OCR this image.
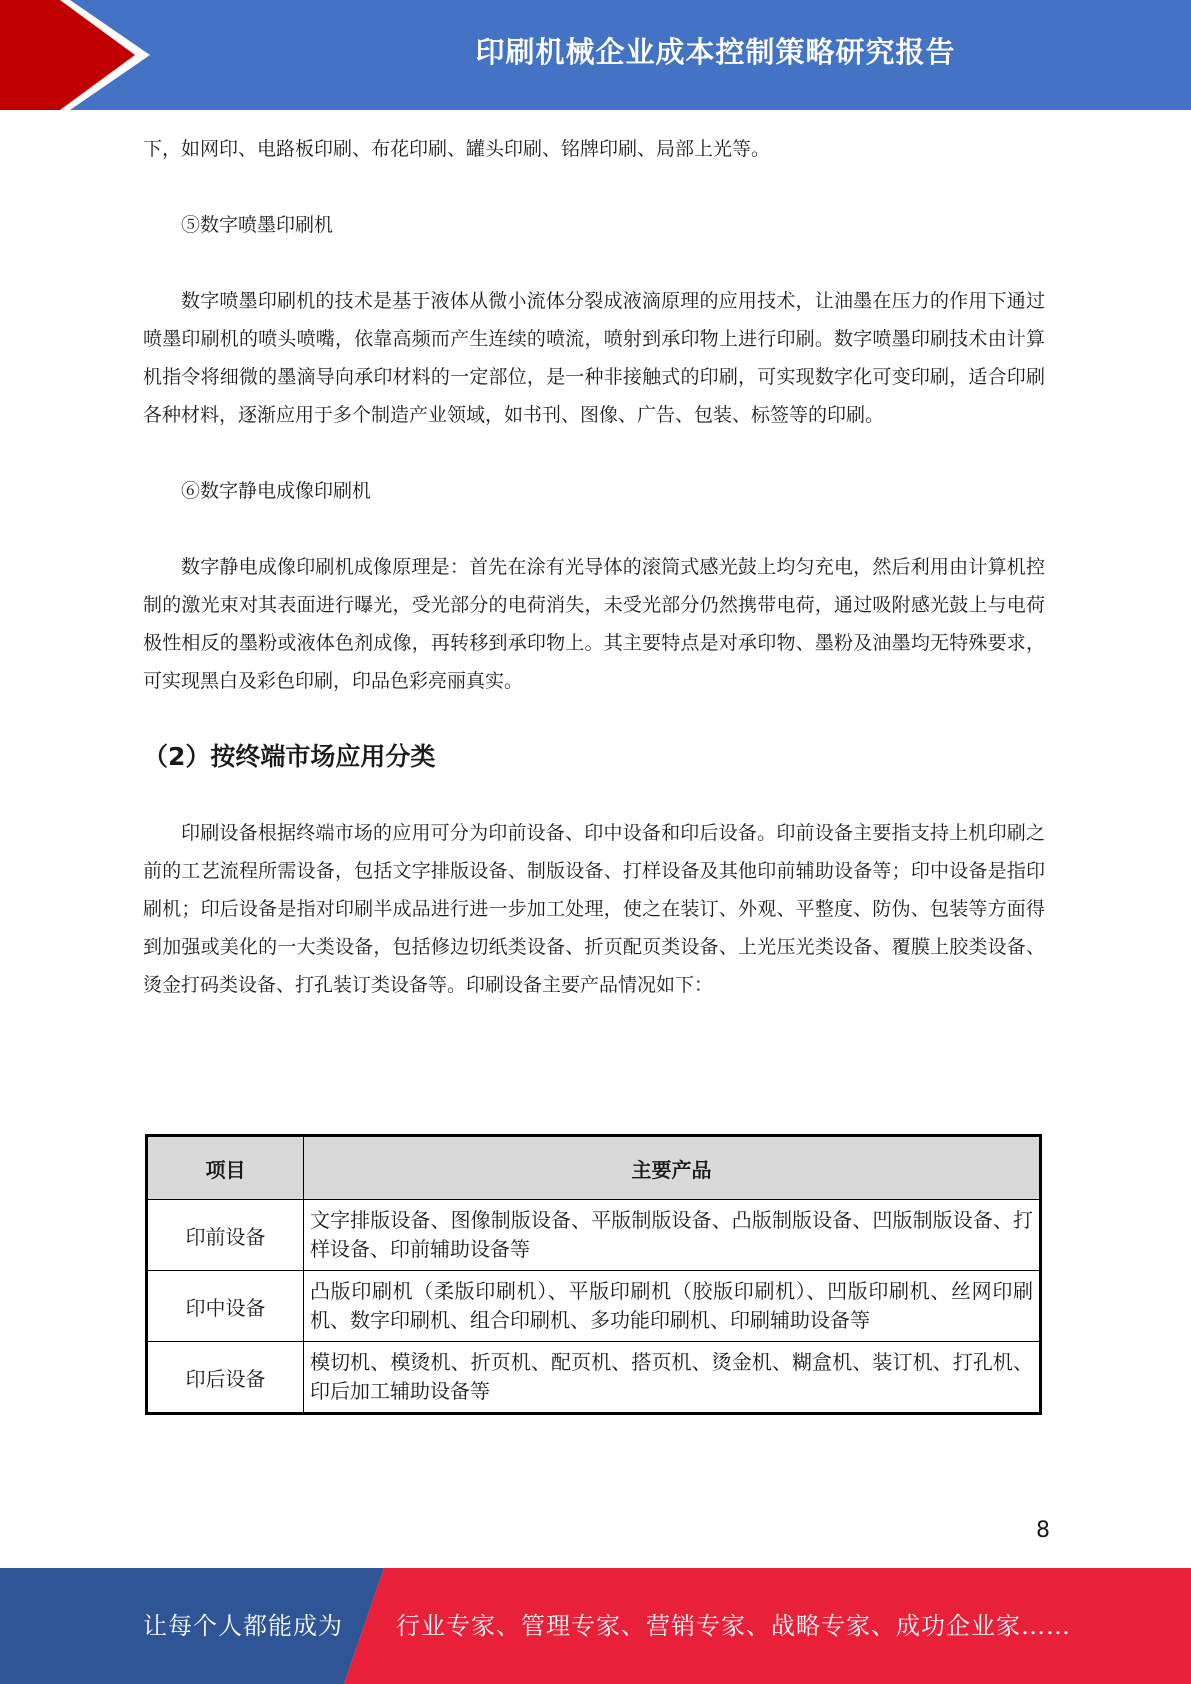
印刷机械企业成本控制策略研究报告

下，如网印、电路板印刷、布花印刷、罐头印刷、铭牌印刷、局部上光等。

⑤数字喷墨印刷机

数字喷墨印刷机的技术是基于液体从微小流体分裂成液滴原理的应用技术，让油墨在压力的作用下通过喷墨印刷机的喷头喷嘴，依靠高频而产生连续的喷流，喷射到承印物上进行印刷。数字喷墨印刷技术由计算机指令将细微的墨滴导向承印材料的一定部位，是一种非接触式的印刷，可实现数字化可变印刷，适合印刷各种材料，逐渐应用于多个制造产业领域，如书刊、图像、广告、包装、标签等的印刷。

⑥数字静电成像印刷机

数字静电成像印刷机成像原理是：首先在涂有光导体的滚筒式感光鼓上均匀充电，然后利用由计算机控制的激光束对其表面进行曝光，受光部分的电荷消失，未受光部分仍然携带电荷，通过吸附感光鼓上与电荷极性相反的墨粉或液体色剂成像，再转移到承印物上。其主要特点是对承印物、墨粉及油墨均无特殊要求，可实现黑白及彩色印刷，印品色彩亮丽真实。

（2）按终端市场应用分类

印刷设备根据终端市场的应用可分为印前设备、印中设备和印后设备。印前设备主要指支持上机印刷之前的工艺流程所需设备，包括文字排版设备、制版设备、打样设备及其他印前辅助设备等；印中设备是指印刷机；印后设备是指对印刷半成品进行进一步加工处理，使之在装订、外观、平整度、防伪、包装等方面得到加强或美化的一大类设备，包括修边切纸类设备、折页配页类设备、上光压光类设备、覆膜上胶类设备、烫金打码类设备、打孔装订类设备等。印刷设备主要产品情况如下：

项目	主要产品
印前设备	文字排版设备、图像制版设备、平版制版设备、凸版制版设备、凹版制版设备、打样设备、印前辅助设备等
印中设备	凸版印刷机（柔版印刷机）、平版印刷机（胶版印刷机）、凹版印刷机、丝网印刷机、数字印刷机、组合印刷机、多功能印刷机、印刷辅助设备等
印后设备	模切机、模烫机、折页机、配页机、搭页机、烫金机、糊盒机、装订机、打孔机、印后加工辅助设备等
8
让每个人都能成为 行业专家、管理专家、营销专家、战略专家、成功企业家……
